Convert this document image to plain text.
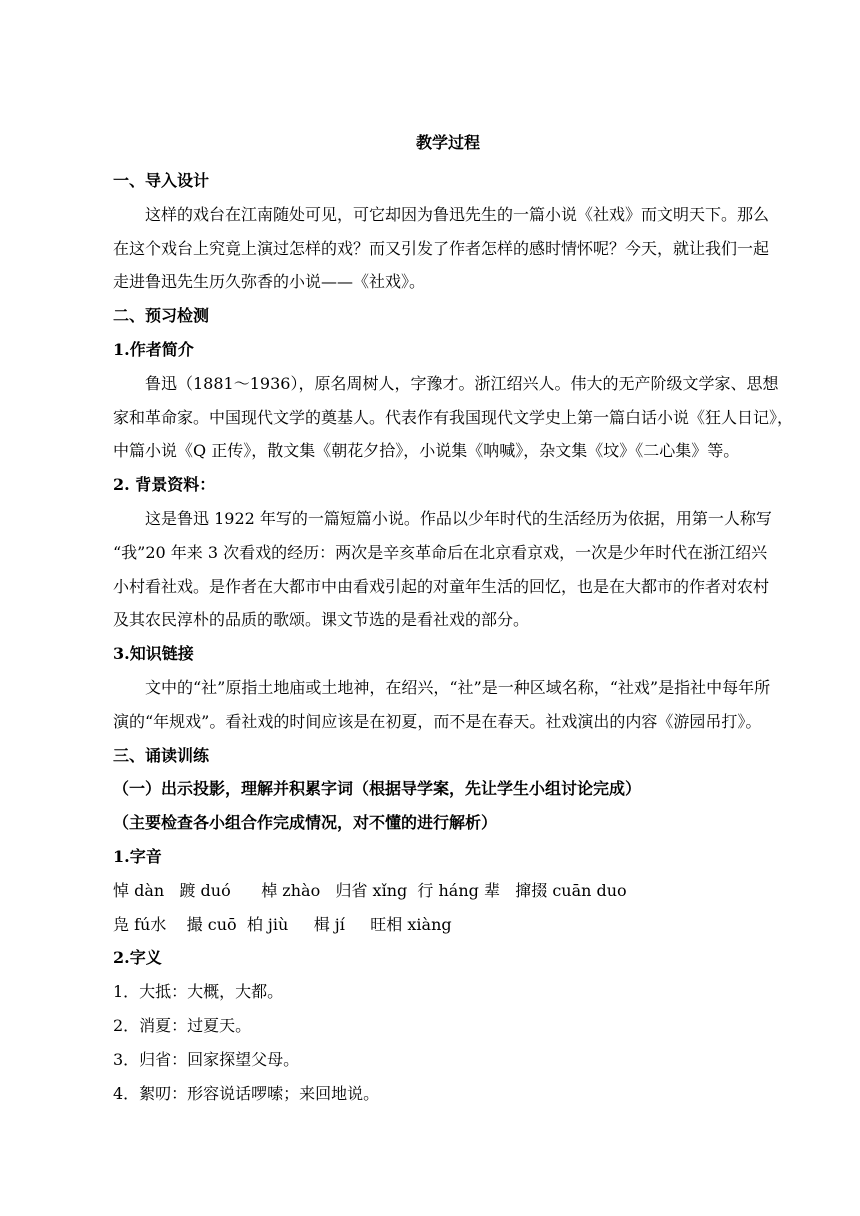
教学过程
一、导入设计
　　这样的戏台在江南随处可见，可它却因为鲁迅先生的一篇小说《社戏》而文明天下。那么
在这个戏台上究竟上演过怎样的戏？而又引发了作者怎样的感时情怀呢？今天，就让我们一起
走进鲁迅先生历久弥香的小说——《社戏》。
二、预习检测
1.作者简介
　　鲁迅（1881～1936），原名周树人，字豫才。浙江绍兴人。伟大的无产阶级文学家、思想
家和革命家。中国现代文学的奠基人。代表作有我国现代文学史上第一篇白话小说《狂人日记》，
中篇小说《Q 正传》，散文集《朝花夕拾》，小说集《呐喊》，杂文集《坟》《二心集》等。
2. 背景资料：
　　这是鲁迅 1922 年写的一篇短篇小说。作品以少年时代的生活经历为依据，用第一人称写
“我”20 年来 3 次看戏的经历：两次是辛亥革命后在北京看京戏，一次是少年时代在浙江绍兴
小村看社戏。是作者在大都市中由看戏引起的对童年生活的回忆，也是在大都市的作者对农村
及其农民淳朴的品质的歌颂。课文节选的是看社戏的部分。
3.知识链接
　　文中的“社”原指土地庙或土地神，在绍兴，“社”是一种区域名称，“社戏”是指社中每年所
演的“年规戏”。看社戏的时间应该是在初夏，而不是在春天。社戏演出的内容《游园吊打》。
三、诵读训练
（一）出示投影，理解并积累字词（根据导学案，先让学生小组讨论完成）
（主要检查各小组合作完成情况，对不懂的进行解析）
1.字音
悼 dàn   踱 duó      棹 zhào   归省 xǐng  行 háng 辈   撺掇 cuān duo
凫 fú水    撮 cuō  柏 jiù     楫 jí     旺相 xiàng
2.字义
1．大抵：大概，大都。
2．消夏：过夏天。
3．归省：回家探望父母。
4．絮叨：形容说话啰嗦；来回地说。
